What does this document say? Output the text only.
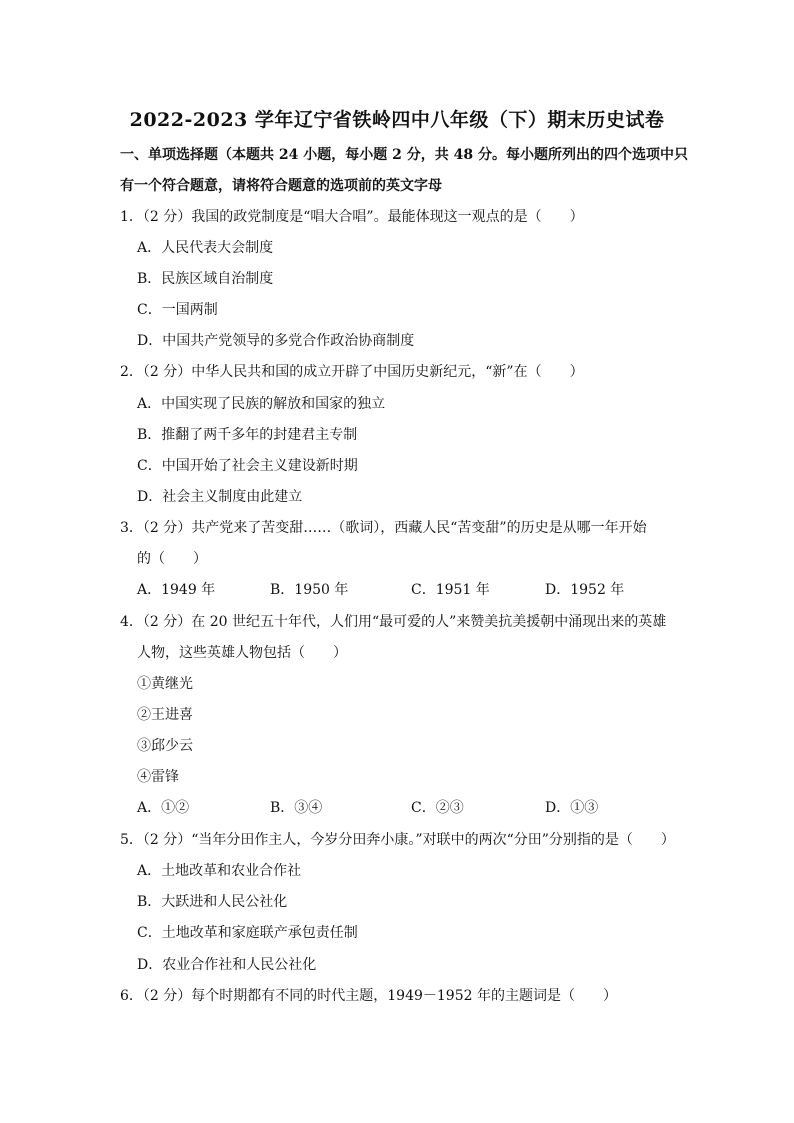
2022-2023 学年辽宁省铁岭四中八年级（下）期末历史试卷
一、单项选择题（本题共 24 小题，每小题 2 分，共 48 分。每小题所列出的四个选项中只
有一个符合题意，请将符合题意的选项前的英文字母
1．（2 分）我国的政党制度是“唱大合唱”。最能体现这一观点的是（　　）
A．人民代表大会制度
B．民族区域自治制度
C．一国两制
D．中国共产党领导的多党合作政治协商制度
2．（2 分）中华人民共和国的成立开辟了中国历史新纪元，“新”在（　　）
A．中国实现了民族的解放和国家的独立
B．推翻了两千多年的封建君主专制
C．中国开始了社会主义建设新时期
D．社会主义制度由此建立
3．（2 分）共产党来了苦变甜……（歌词），西藏人民“苦变甜”的历史是从哪一年开始
的（　　）
A．1949 年	B．1950 年	C．1951 年	D．1952 年
4．（2 分）在 20 世纪五十年代，人们用“最可爱的人”来赞美抗美援朝中涌现出来的英雄
人物，这些英雄人物包括（　　）
①黄继光
②王进喜
③邱少云
④雷锋
A．①②	B．③④	C．②③	D．①③
5．（2 分）“当年分田作主人，今岁分田奔小康。”对联中的两次“分田”分别指的是（　　）
A．土地改革和农业合作社
B．大跃进和人民公社化
C．土地改革和家庭联产承包责任制
D．农业合作社和人民公社化
6．（2 分）每个时期都有不同的时代主题，1949－1952 年的主题词是（　　）
